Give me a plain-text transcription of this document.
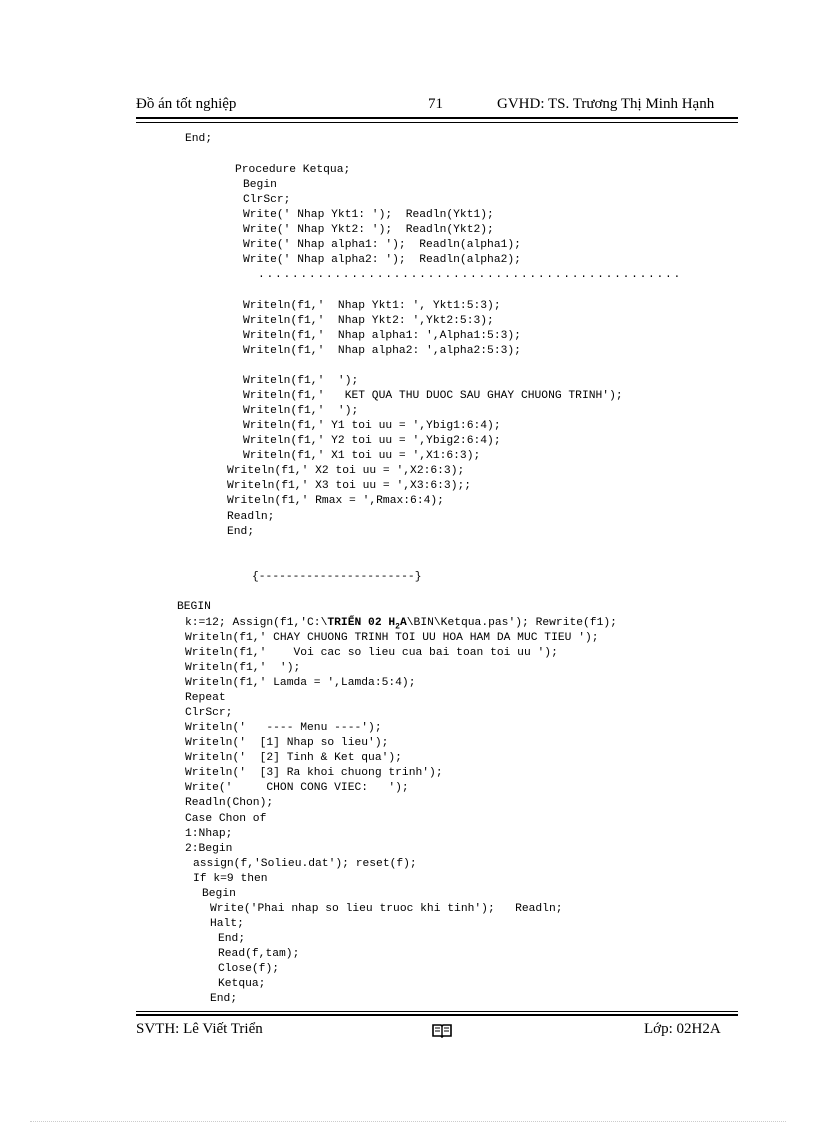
Đồ án tốt nghiệp	71	GVHD: TS. Trương Thị Minh Hạnh
End;
Procedure Ketqua;
Begin
ClrScr;
Write(' Nhap Ykt1: ');  Readln(Ykt1);
Write(' Nhap Ykt2: ');  Readln(Ykt2);
Write(' Nhap alpha1: ');  Readln(alpha1);
Write(' Nhap alpha2: ');  Readln(alpha2);
..................................................
Writeln(f1,'  Nhap Ykt1: ', Ykt1:5:3);
Writeln(f1,'  Nhap Ykt2: ',Ykt2:5:3);
Writeln(f1,'  Nhap alpha1: ',Alpha1:5:3);
Writeln(f1,'  Nhap alpha2: ',alpha2:5:3);
Writeln(f1,'  ');
Writeln(f1,'   KET QUA THU DUOC SAU GHAY CHUONG TRINH');
Writeln(f1,'  ');
Writeln(f1,' Y1 toi uu = ',Ybig1:6:4);
Writeln(f1,' Y2 toi uu = ',Ybig2:6:4);
Writeln(f1,' X1 toi uu = ',X1:6:3);
Writeln(f1,' X2 toi uu = ',X2:6:3);
Writeln(f1,' X3 toi uu = ',X3:6:3);;
Writeln(f1,' Rmax = ',Rmax:6:4);
Readln;
End;
{-----------------------}
BEGIN
k:=12; Assign(f1,'C:\TRIỂN 02 $H_2A\backslash BIN\backslash Ketqua.pas'$); Rewrite(f1);
Writeln(f1,' CHAY CHUONG TRINH TOI UU HOA HAM DA MUC TIEU ');
Writeln(f1,'    Voi cac so lieu cua bai toan toi uu ');
Writeln(f1,'  ');
Writeln(f1,' Lamda = ',Lamda:5:4);
Repeat
ClrScr;
Writeln('   ---- Menu ----');
Writeln('  [1] Nhap so lieu');
Writeln('  [2] Tinh & Ket qua');
Writeln('  [3] Ra khoi chuong trinh');
Write('     CHON CONG VIEC:   ');
Readln(Chon);
Case Chon of
1:Nhap;
2:Begin
assign(f,'Solieu.dat'); reset(f);
If k=9 then
Begin
Write('Phai nhap so lieu truoc khi tinh');   Readln;
Halt;
End;
Read(f,tam);
Close(f);
Ketqua;
End;
SVTH: Lê Viết Triển	Lớp: 02H2A
